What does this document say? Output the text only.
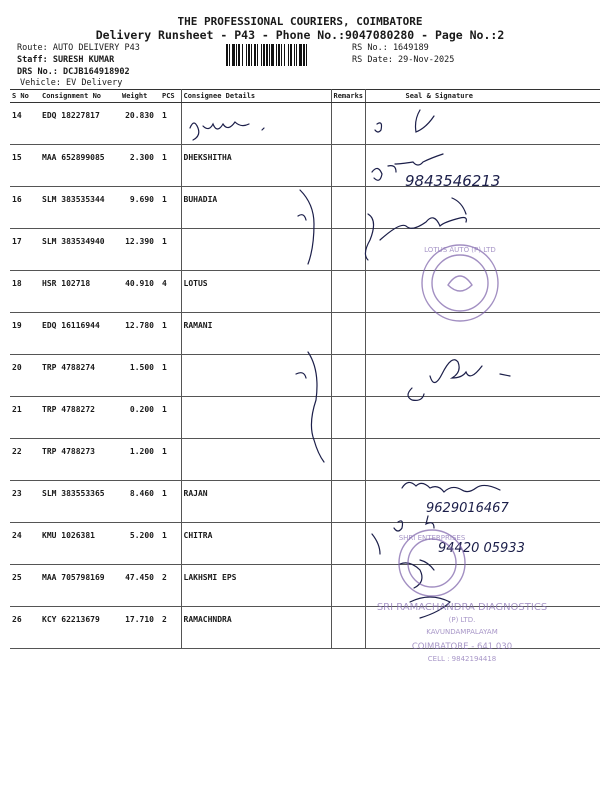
THE PROFESSIONAL COURIERS, COIMBATORE
Delivery Runsheet - P43 - Phone No.:9047080280 - Page No.:2
Route: AUTO DELIVERY P43
Staff: SURESH KUMAR
DRS No.: DCJB164918902
Vehicle: EV Delivery
RS No.: 1649189
RS Date: 29-Nov-2025
S No	Consignment No	Weight	PCS	Consignee Details	Remarks	Seal & Signature
14	EDQ 18227817	20.830	1			
15	MAA 652899085	2.300	1	DHEKSHITHA		
16	SLM 383535344	9.690	1	BUHADIA		
17	SLM 383534940	12.390	1			
18	HSR 102718	40.910	4	LOTUS		
19	EDQ 16116944	12.780	1	RAMANI		
20	TRP 4788274	1.500	1			
21	TRP 4788272	0.200	1			
22	TRP 4788273	1.200	1			
23	SLM 383553365	8.460	1	RAJAN		
24	KMU 1026381	5.200	1	CHITRA		
25	MAA 705798169	47.450	2	LAKHSMI EPS		
26	KCY 62213679	17.710	2	RAMACHNDRA		
9843546213
9629016467
94420 05933
LOTUS AUTO (P) LTD
SHRI ENTERPRISES
SRI RAMACHANDRA DIAGNOSTICS
(P) LTD.
KAVUNDAMPALAYAM
COIMBATORE - 641 030
CELL : 9842194418
